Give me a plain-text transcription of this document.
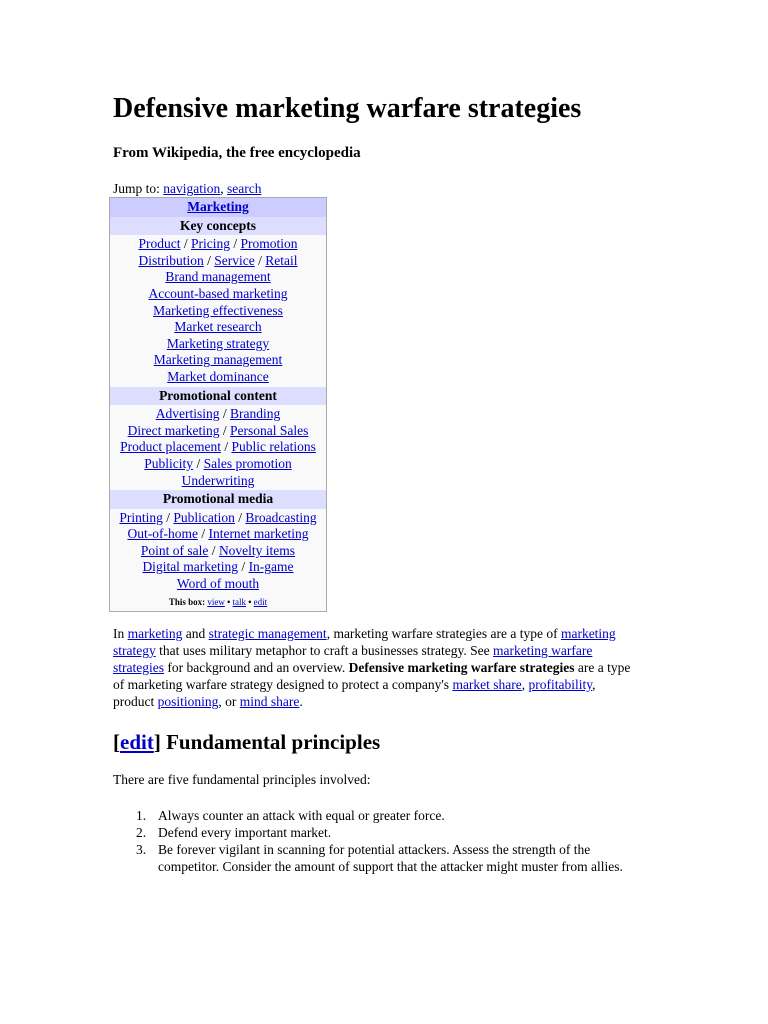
Defensive marketing warfare strategies
From Wikipedia, the free encyclopedia
Jump to: navigation, search
Marketing
Key concepts
Product / Pricing / Promotion
Distribution / Service / Retail
Brand management
Account-based marketing
Marketing effectiveness
Market research
Marketing strategy
Marketing management
Market dominance
Promotional content
Advertising / Branding
Direct marketing / Personal Sales
Product placement / Public relations
Publicity / Sales promotion
Underwriting
Promotional media
Printing / Publication / Broadcasting
Out-of-home / Internet marketing
Point of sale / Novelty items
Digital marketing / In-game
Word of mouth
This box: view • talk • edit

In marketing and strategic management, marketing warfare strategies are a type of marketing strategy that uses military metaphor to craft a businesses strategy. See marketing warfare strategies for background and an overview. Defensive marketing warfare strategies are a type of marketing warfare strategy designed to protect a company's market share, profitability, product positioning, or mind share.

[edit] Fundamental principles

There are five fundamental principles involved:

1. Always counter an attack with equal or greater force.
2. Defend every important market.
3. Be forever vigilant in scanning for potential attackers. Assess the strength of the competitor. Consider the amount of support that the attacker might muster from allies.
